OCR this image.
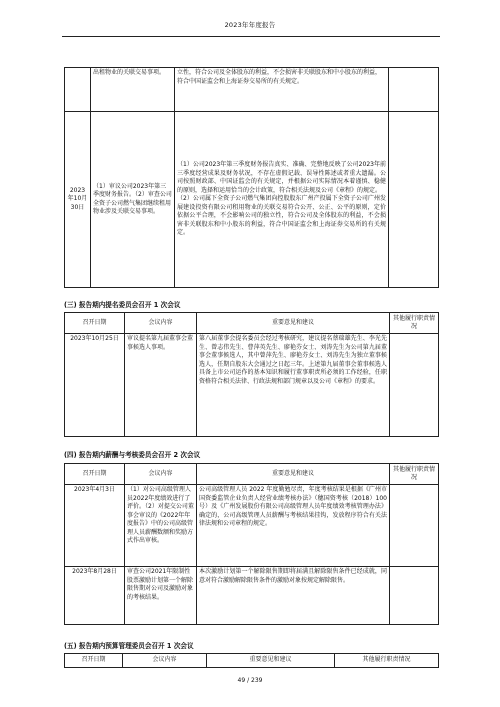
2023年年度报告
	出租物业的关联交易事项。	立性，符合公司及全体股东的利益，不会损害非关联股东和中小股东的利益，符合中国证监会和上海证券交易所的有关规定。	
2023年10月30日	（1）审议公司2023年第三季度财务报告。（2）审查公司全资子公司燃气集团继续租用物业涉及关联交易事项。	（1）公司2023年第三季度财务报告真实、准确、完整地反映了公司2023年前三季度经营成果及财务状况，不存在虚假记载、误导性陈述或者重大遗漏。公司按照财政部、中国证监会的有关规定，并根据公司实际情况本着谨慎、稳健的原则，选择和运用恰当的会计政策，符合相关法规及公司《章程》的规定。
（2）公司属下全资子公司燃气集团向控股股东广州产投属下全资子公司广州发展建设投资有限公司租用物业的关联交易符合公开、公正、公平的原则，定价依据公平合理，不会影响公司的独立性，符合公司及全体股东的利益，不会损害非关联股东和中小股东的利益，符合中国证监会和上海证券交易所的有关规定。	

(三) 报告期内提名委员会召开 1 次会议
召开日期	会议内容	重要意见和建议	其他履行职责情况
2023年10月25日	审议提名第九届董事会董事候选人事项。	第八届董事会提名委员会经过考核研究，建议提名蔡瑞雄先生、李光先生、曾志伟先生、曹萍英先生、廖艳芬女士、刘涛先生为公司第九届董事会董事候选人，其中曾萍先生、廖艳芬女士、刘涛先生为独立董事候选人，任期自股东大会通过之日起三年。上述第九届董事会董事候选人具备上市公司运作的基本知识和履行董事职责所必须的工作经验，任职资格符合相关法律、行政法规和部门规章以及公司《章程》的要求。	
(四) 报告期内薪酬与考核委员会召开 2 次会议
召开日期	会议内容	重要意见和建议	其他履行职责情况
2023年4月3日	（1）对公司高级管理人员2022年度绩效进行了评价。（2）对提交公司董事会审议的《2022年年度报告》中的公司高级管理人员薪酬数额和奖励方式作出审核。	公司高级管理人员 2022 年度勤勉尽责，年度考核结果是根据《广州市国资委监管企业负责人经营业绩考核办法》（穗国资考核（2018）100号）及《广州发展股份有限公司高级管理人员年度绩效考核管理办法》确定的，公司高级管理人员薪酬与考核结果挂钩，发放程序符合有关法律法规和公司章程的规定。	
2023年8月28日	审查公司2021年限制性股票激励计划第一个解除限售期对公司及激励对象的考核结果。	本次激励计划第一个解除限售期即将届满且解除限售条件已经成就，同意对符合激励解除限售条件的激励对象按规定解除限售。	
(五) 报告期内预算管理委员会召开 1 次会议
召开日期	会议内容	重要意见和建议	其他履行职责情况
49 / 239
